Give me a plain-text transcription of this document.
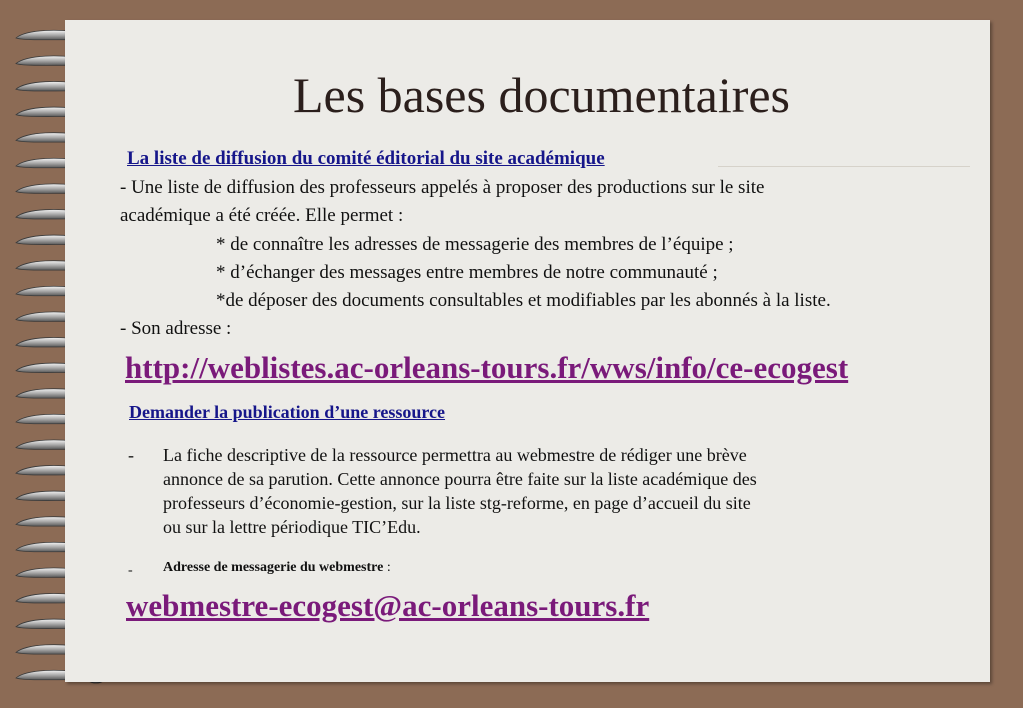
Les bases documentaires
La liste de diffusion du comité éditorial du site académique
- Une liste de diffusion des professeurs appelés à proposer des productions sur le site
académique a été créée. Elle permet :
* de connaître les adresses de messagerie des membres de l’équipe ;
* d’échanger des messages entre membres de notre communauté ;
*de déposer des documents consultables et modifiables par les abonnés à la liste.
- Son adresse :
http://weblistes.ac-orleans-tours.fr/wws/info/ce-ecogest
Demander la publication d’une ressource
- La fiche descriptive de la ressource permettra au webmestre de rédiger une brève
annonce de sa parution. Cette annonce pourra être faite sur la liste académique des
professeurs d’économie-gestion, sur la liste stg-reforme, en page d’accueil du site
ou sur la lettre périodique TIC’Edu.
- Adresse de messagerie du webmestre :
webmestre-ecogest@ac-orleans-tours.fr
